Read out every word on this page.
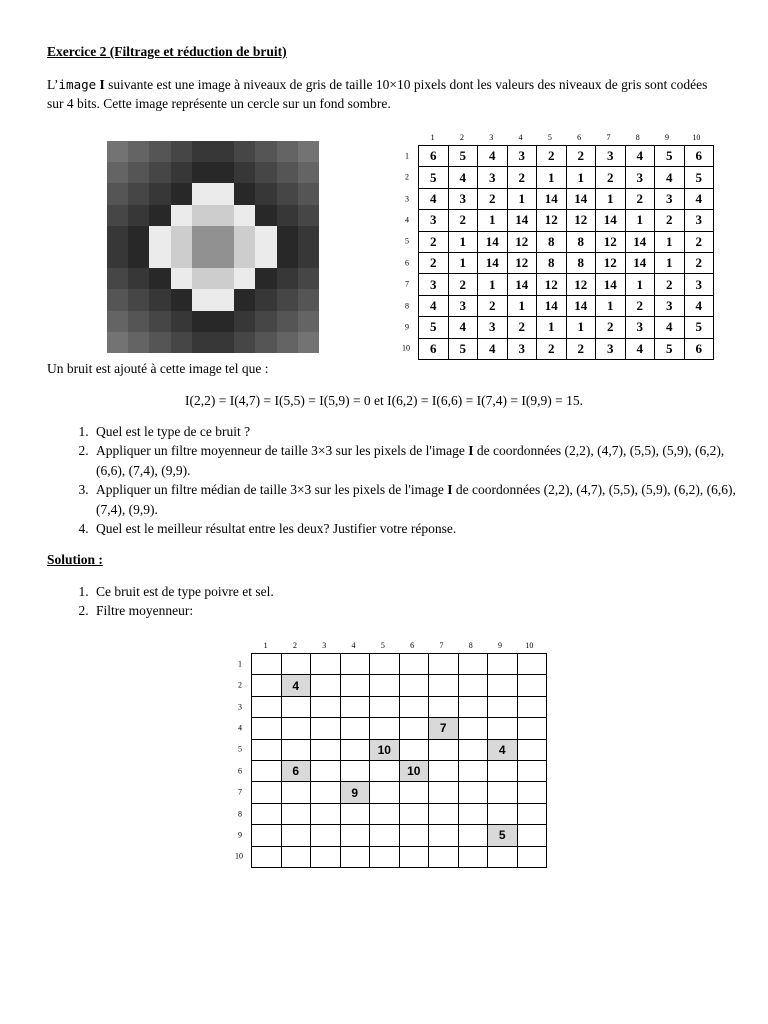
Exercice 2 (Filtrage et réduction de bruit)
L’image I suivante est une image à niveaux de gris de taille 10×10 pixels dont les valeurs des niveaux de gris sont codées sur 4 bits. Cette image représente un cercle sur un fond sombre.
1	2	3	4	5	6	7	8	9	10
1
2
3
4
5
6
7
8
9
10
6	5	4	3	2	2	3	4	5	6
5	4	3	2	1	1	2	3	4	5
4	3	2	1	14	14	1	2	3	4
3	2	1	14	12	12	14	1	2	3
2	1	14	12	8	8	12	14	1	2
2	1	14	12	8	8	12	14	1	2
3	2	1	14	12	12	14	1	2	3
4	3	2	1	14	14	1	2	3	4
5	4	3	2	1	1	2	3	4	5
6	5	4	3	2	2	3	4	5	6
Un bruit est ajouté à cette image tel que :
I(2,2) = I(4,7) = I(5,5) = I(5,9) = 0 et I(6,2) = I(6,6) = I(7,4) = I(9,9) = 15.
1. Quel est le type de ce bruit ?
2. Appliquer un filtre moyenneur de taille 3×3 sur les pixels de l'image I de coordonnées (2,2), (4,7), (5,5), (5,9), (6,2), (6,6), (7,4), (9,9).
3. Appliquer un filtre médian de taille 3×3 sur les pixels de l'image I de coordonnées (2,2), (4,7), (5,5), (5,9), (6,2), (6,6), (7,4), (9,9).
4. Quel est le meilleur résultat entre les deux? Justifier votre réponse.
Solution :
1. Ce bruit est de type poivre et sel.
2. Filtre moyenneur:
1	2	3	4	5	6	7	8	9	10
1
2
3
4
5
6
7
8
9
10

	4								

						7			
				10				4	
	6				10				
			9						

								5	
